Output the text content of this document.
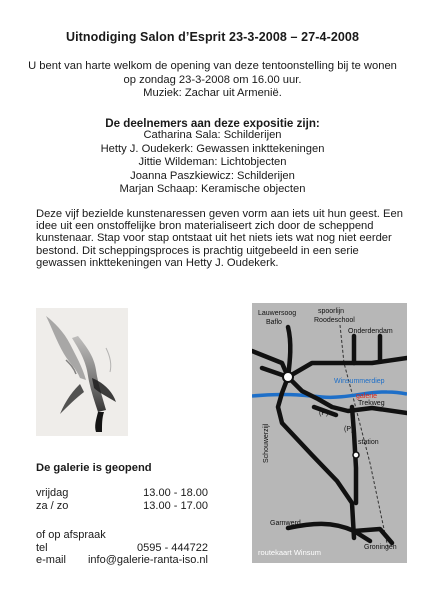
Uitnodiging Salon d’Esprit 23-3-2008 – 27-4-2008
U bent van harte welkom de opening van deze tentoonstelling bij te wonen
op zondag 23-3-2008 om 16.00 uur.
Muziek: Zachar uit Armenië.
De deelnemers aan deze expositie zijn:
Catharina Sala: Schilderijen
Hetty J. Oudekerk: Gewassen inkttekeningen
Jittie Wildeman: Lichtobjecten
Joanna Paszkiewicz: Schilderijen
Marjan Schaap: Keramische objecten
Deze vijf bezielde kunstenaressen geven vorm aan iets uit hun geest. Een idee uit een onstoffelijke bron materialiseert zich door de scheppend kunstenaar. Stap voor stap ontstaat uit het niets iets wat nog niet eerder bestond. Dit scheppingsproces is prachtig uitgebeeld in een serie gewassen inkttekeningen van Hetty J. Oudekerk.
De galerie is geopend
vrijdag	13.00 - 18.00
za / zo	13.00 - 17.00
of op afspraak
tel	0595 - 444722
e-mail info@galerie-ranta-iso.nl
Lauwersoog
Baflo
spoorlijn
Roodeschool
Onderdendam
Winsummerdiep
galerie
Trekweg
(P)
(P)
station
Garnwerd
Groningen
Schouwerzijl
routekaart Winsum
